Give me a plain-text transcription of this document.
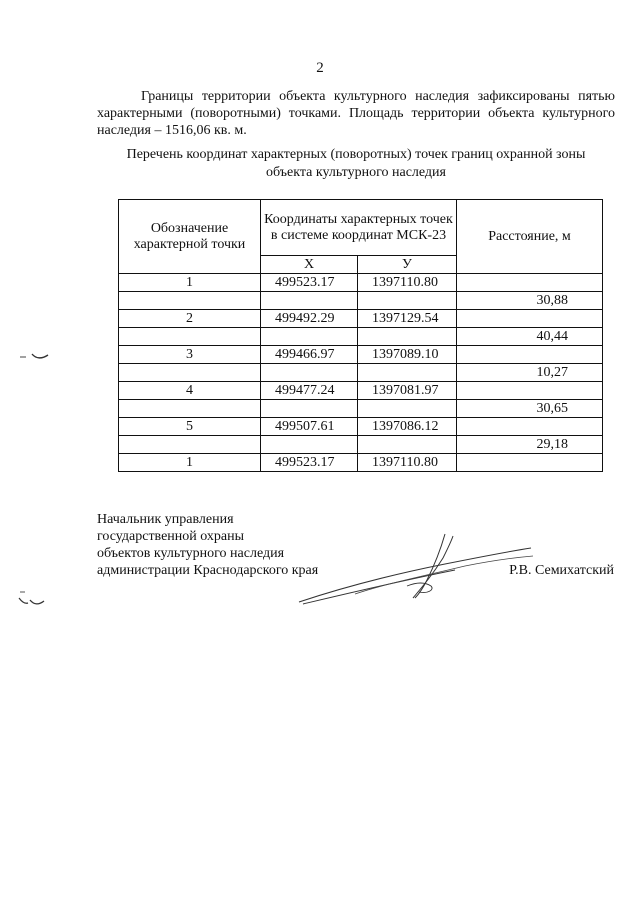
2

Границы территории объекта культурного наследия зафиксированы пятью характерными (поворотными) точками. Площадь территории объекта культурного наследия – 1516,06 кв. м.

Перечень координат характерных (поворотных) точек границ охранной зоны
объекта культурного наследия

Обозначение характерной точки	Координаты характерных точек в системе координат МСК-23		Расстояние, м
	X	У	
1	499523.17	1397110.80	
			30,88
2	499492.29	1397129.54	
			40,44
3	499466.97	1397089.10	
			10,27
4	499477.24	1397081.97	
			30,65
5	499507.61	1397086.12	
			29,18
1	499523.17	1397110.80	
Начальник управления
государственной охраны
объектов культурного наследия
администрации Краснодарского края	Р.В. Семихатский
